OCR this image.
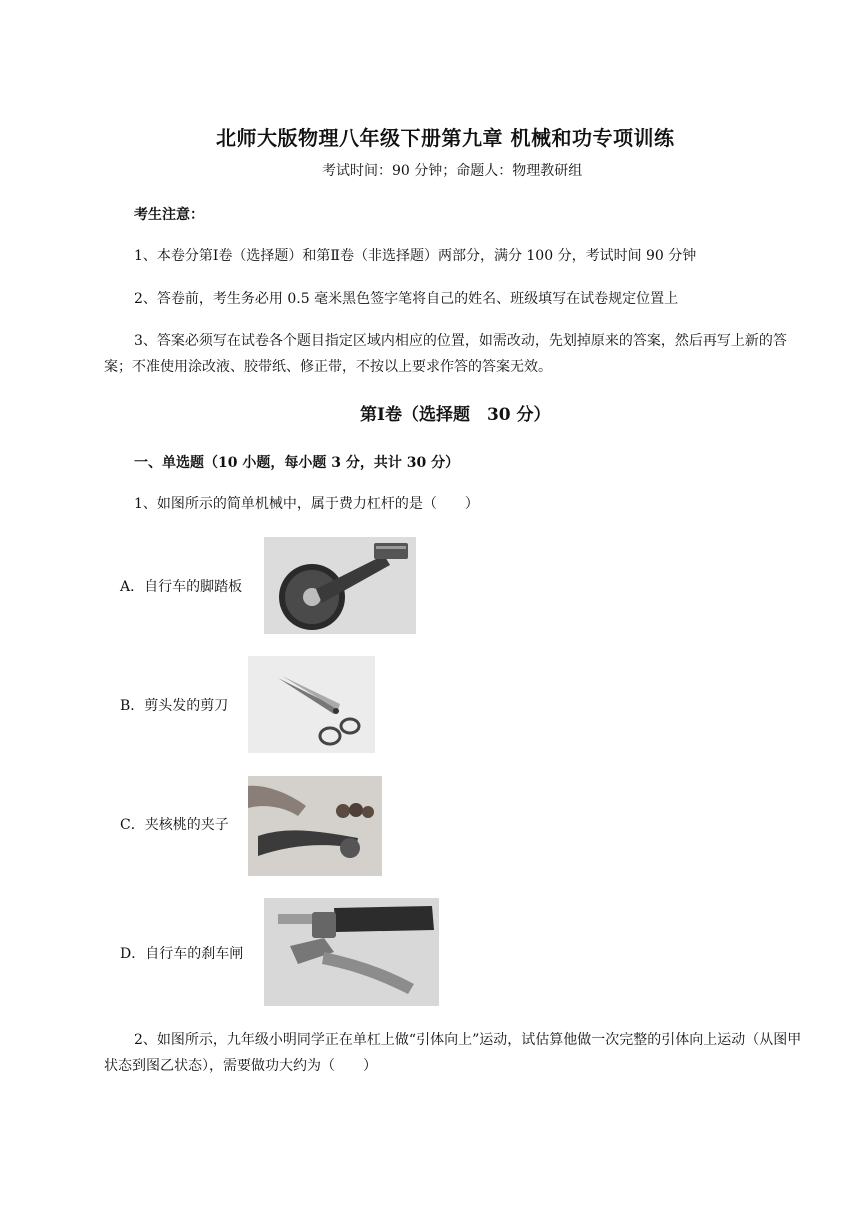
北师大版物理八年级下册第九章 机械和功专项训练
考试时间：90 分钟；命题人：物理教研组
考生注意：
1、本卷分第Ⅰ卷（选择题）和第Ⅱ卷（非选择题）两部分，满分 100 分，考试时间 90 分钟
2、答卷前，考生务必用 0.5 毫米黑色签字笔将自己的姓名、班级填写在试卷规定位置上
3、答案必须写在试卷各个题目指定区域内相应的位置，如需改动，先划掉原来的答案，然后再写上新的答案；不准使用涂改液、胶带纸、修正带，不按以上要求作答的答案无效。
第Ⅰ卷（选择题　30 分）
一、单选题（10 小题，每小题 3 分，共计 30 分）
1、如图所示的简单机械中，属于费力杠杆的是（　　）
A．自行车的脚踏板
B．剪头发的剪刀
C．夹核桃的夹子
D．自行车的刹车闸
2、如图所示，九年级小明同学正在单杠上做“引体向上”运动，试估算他做一次完整的引体向上运动（从图甲状态到图乙状态），需要做功大约为（　　）
